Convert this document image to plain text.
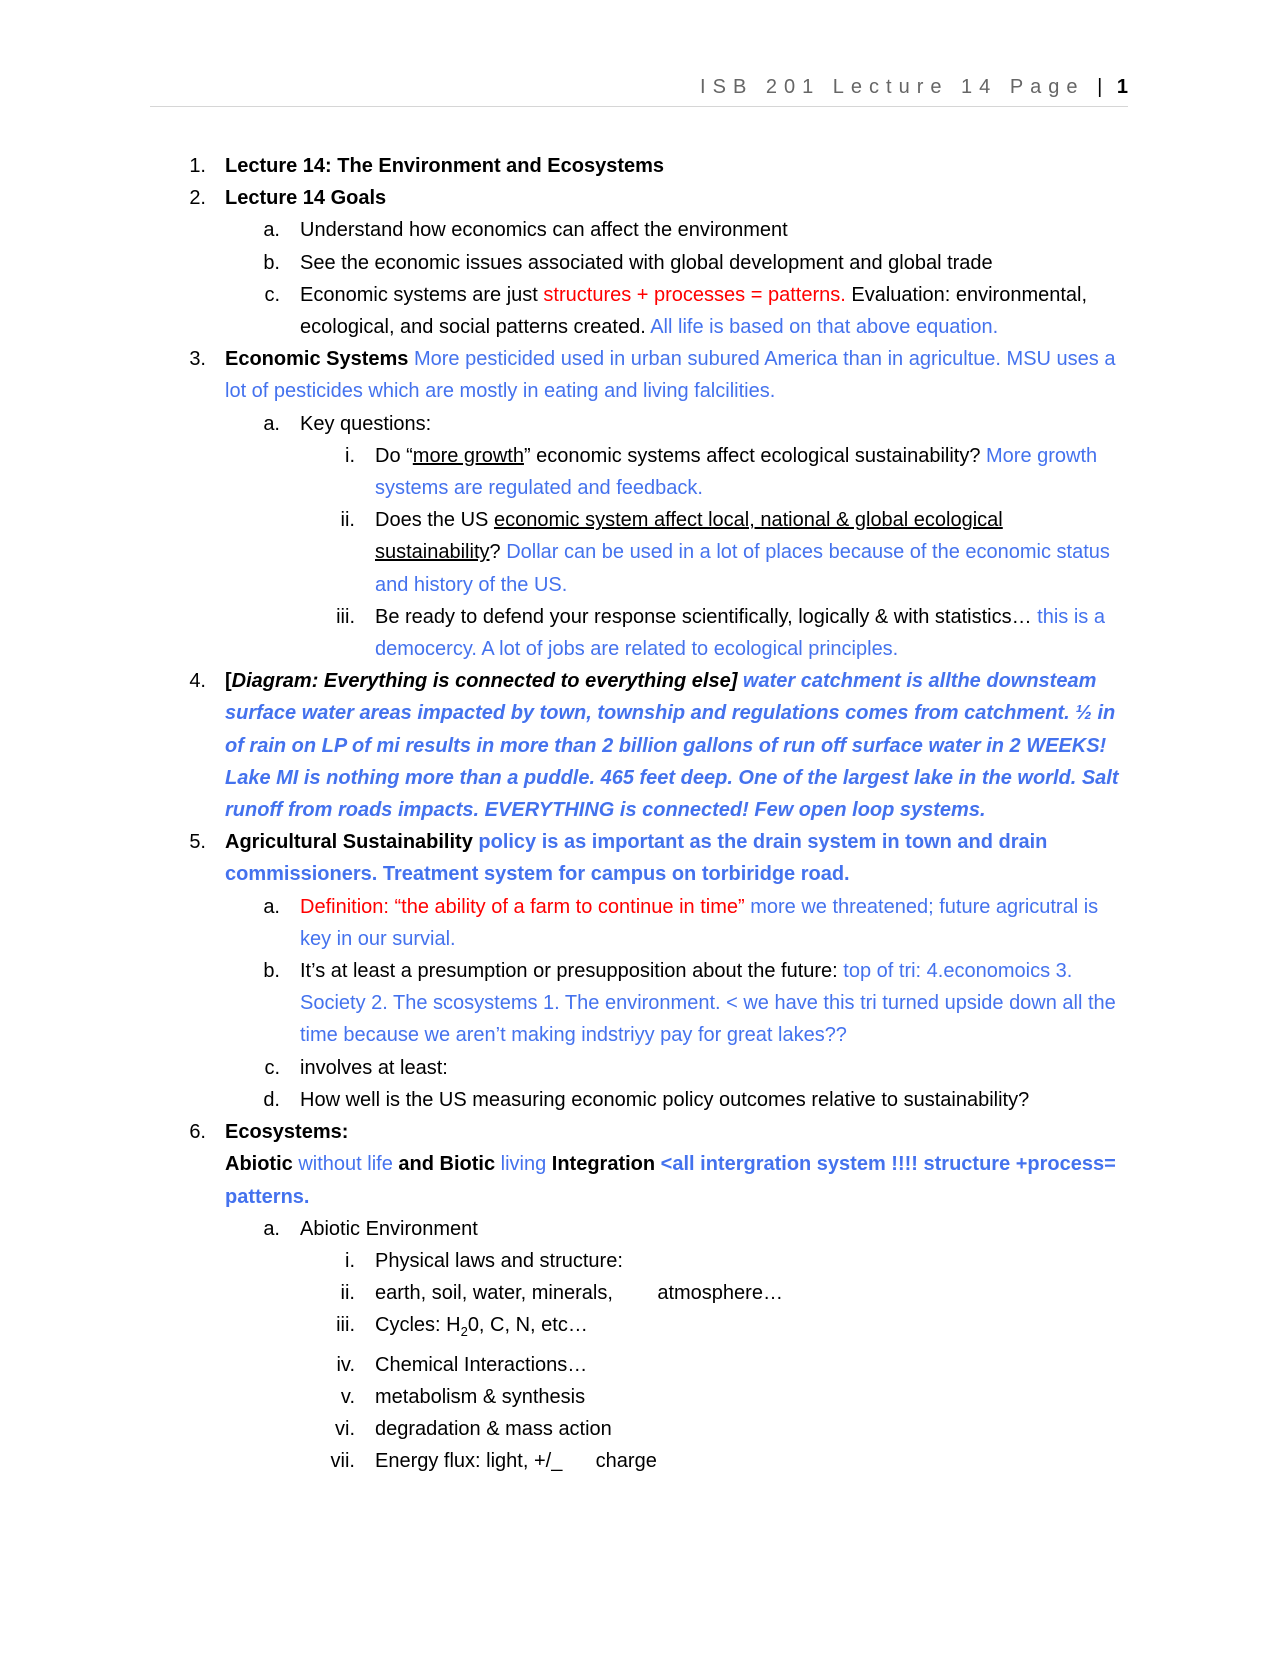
ISB 201 Lecture 14 Page | 1
1. Lecture 14: The Environment and Ecosystems
2. Lecture 14 Goals
a. Understand how economics can affect the environment
b. See the economic issues associated with global development and global trade
c. Economic systems are just structures + processes = patterns. Evaluation: environmental, ecological, and social patterns created. All life is based on that above equation.
3. Economic Systems More pesticided used in urban subured America than in agricultue. MSU uses a lot of pesticides which are mostly in eating and living falcilities.
a. Key questions:
i. Do “more growth” economic systems affect ecological sustainability? More growth systems are regulated and feedback.
ii. Does the US economic system affect local, national & global ecological sustainability? Dollar can be used in a lot of places because of the economic status and history of the US.
iii. Be ready to defend your response scientifically, logically & with statistics… this is a democercy. A lot of jobs are related to ecological principles.
4. [Diagram: Everything is connected to everything else] water catchment is allthe downsteam surface water areas impacted by town, township and regulations comes from catchment. ½ in of rain on LP of mi results in more than 2 billion gallons of run off surface water in 2 WEEKS! Lake MI is nothing more than a puddle. 465 feet deep. One of the largest lake in the world. Salt runoff from roads impacts. EVERYTHING is connected! Few open loop systems.
5. Agricultural Sustainability policy is as important as the drain system in town and drain commissioners. Treatment system for campus on torbiridge road.
a. Definition: “the ability of a farm to continue in time” more we threatened; future agricutral is key in our survial.
b. It’s at least a presumption or presupposition about the future: top of tri: 4.economoics 3. Society 2. The scosystems 1. The environment. < we have this tri turned upside down all the time because we aren’t making indstriyy pay for great lakes??
c. involves at least:
d. How well is the US measuring economic policy outcomes relative to sustainability?
6. Ecosystems:
Abiotic without life and Biotic living Integration <all intergration system !!!! structure +process= patterns.
a. Abiotic Environment
i. Physical laws and structure:
ii. earth, soil, water, minerals,        atmosphere…
iii. Cycles: $H_20$, C, N, etc…
iv. Chemical Interactions…
v. metabolism & synthesis
vi. degradation & mass action
vii. Energy flux: light, +/_      charge
